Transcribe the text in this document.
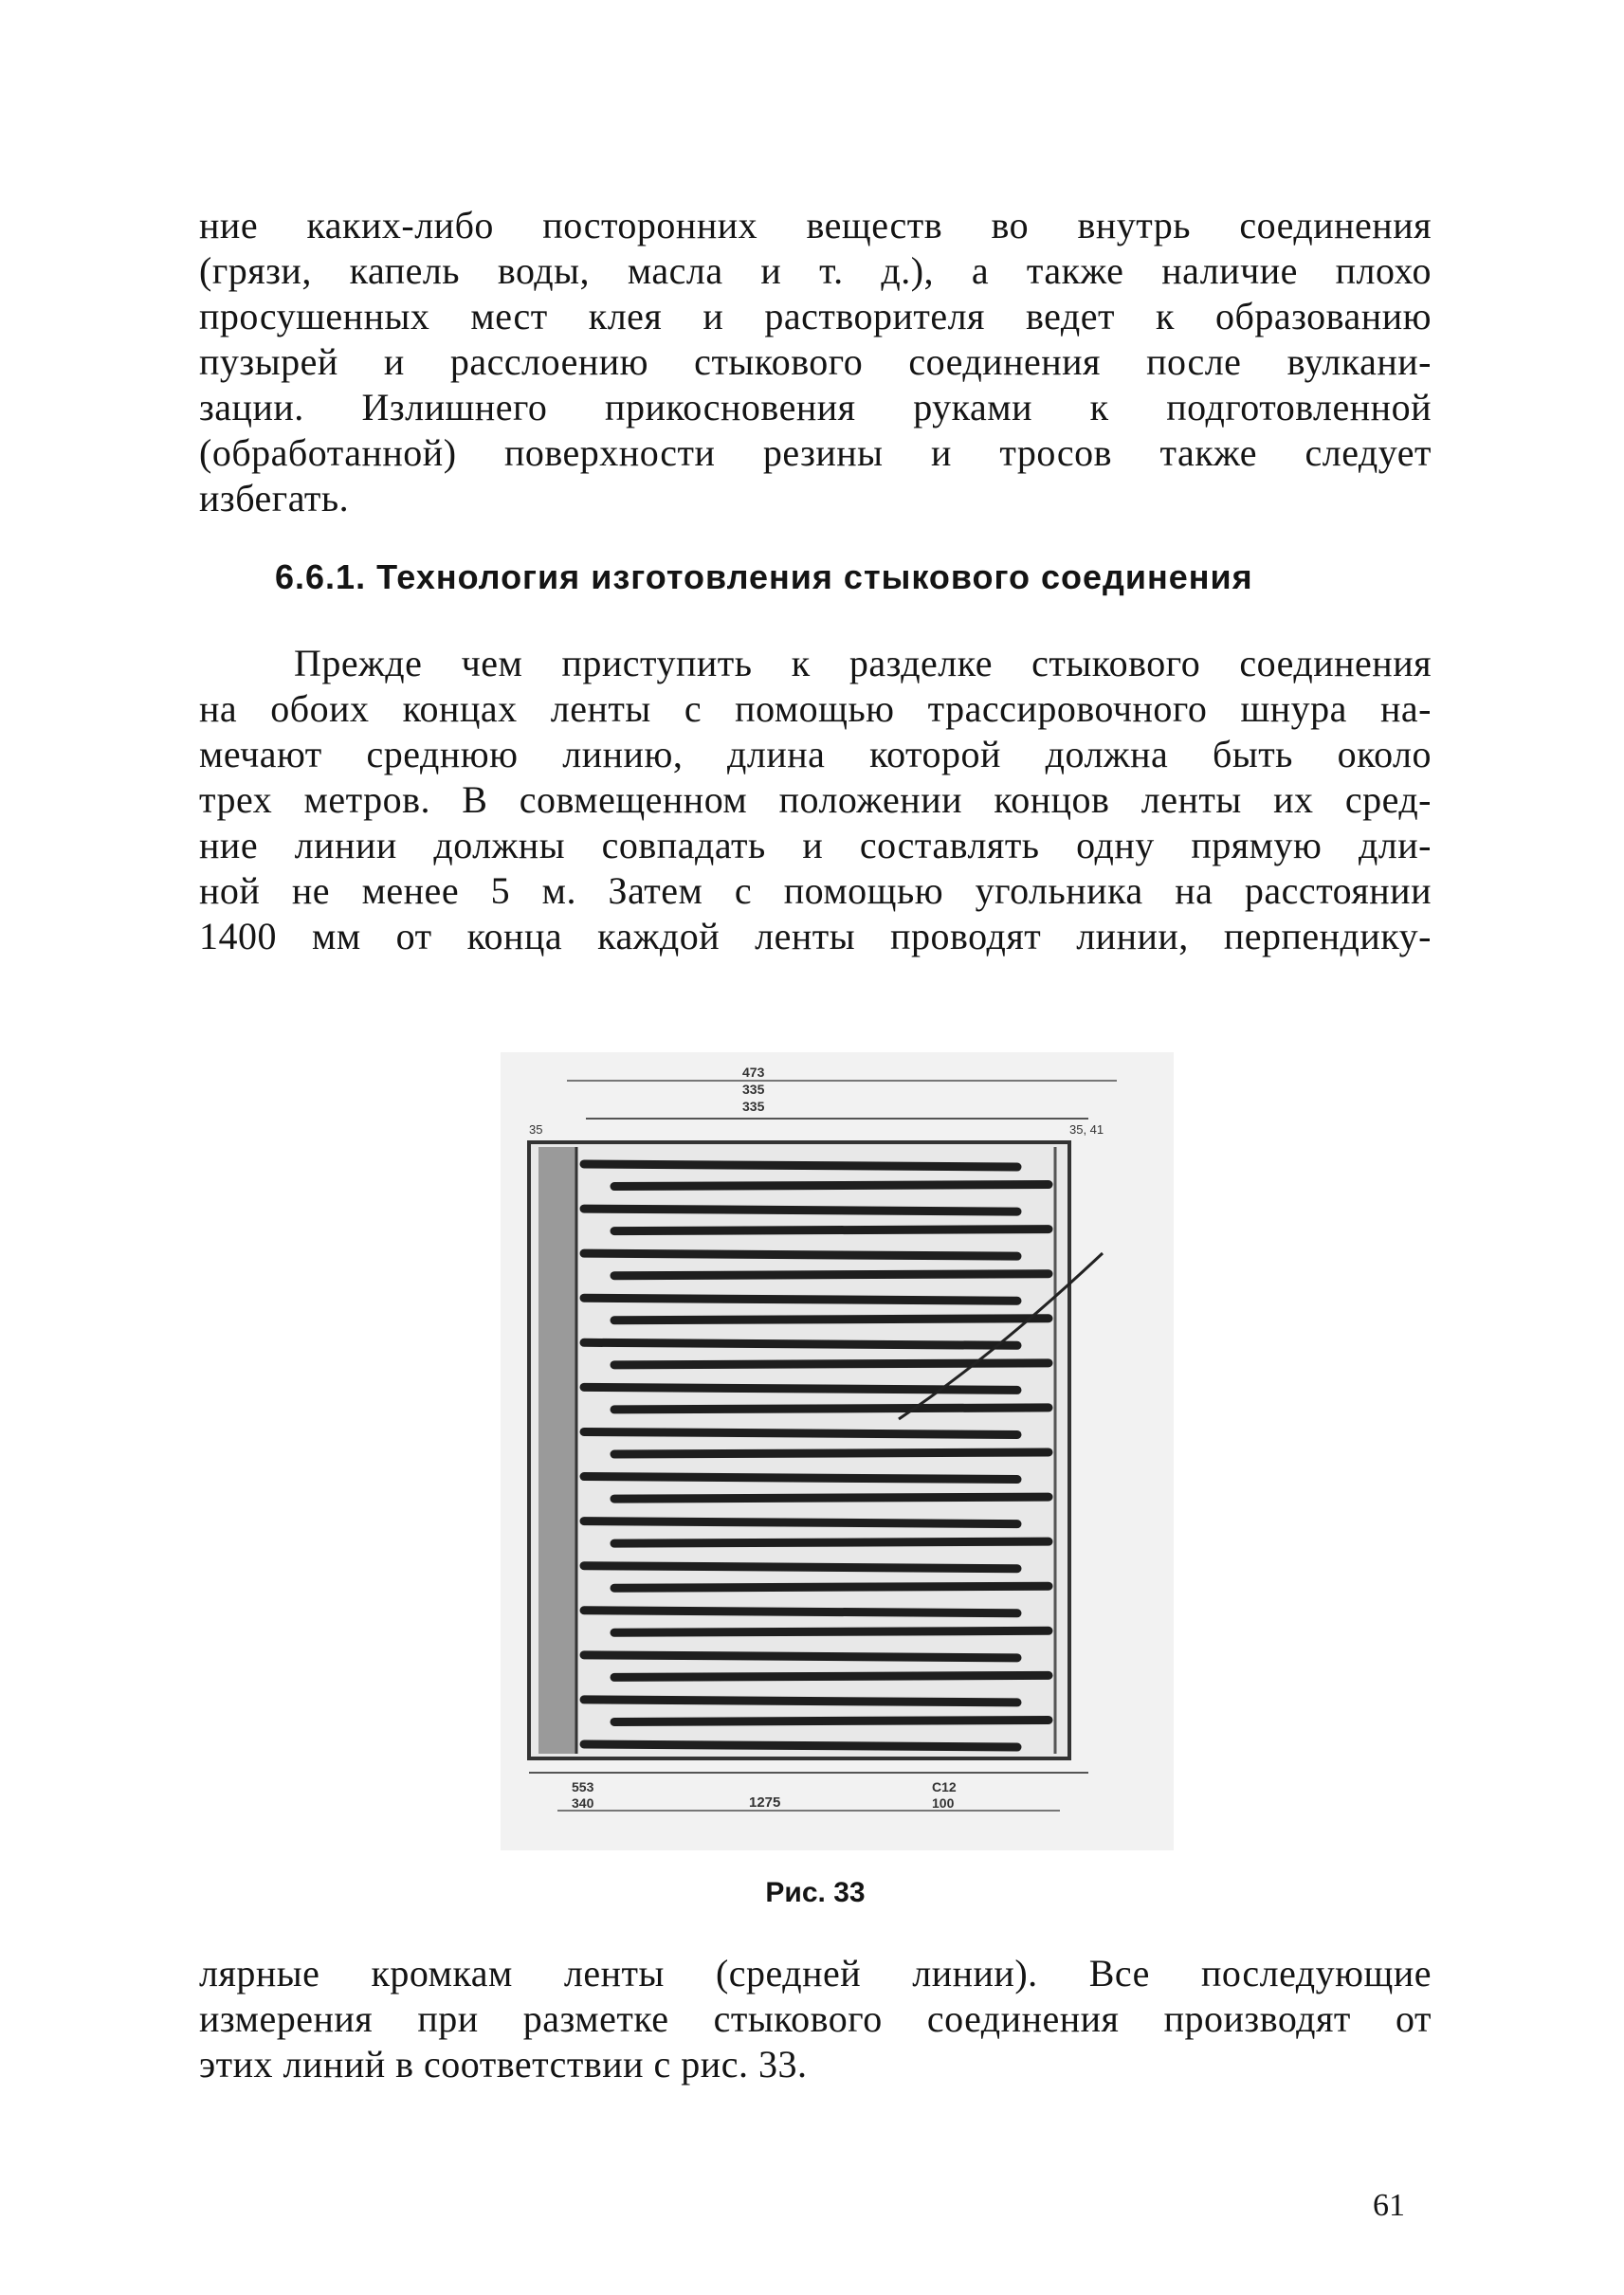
ние каких-либо посторонних веществ во внутрь соединения
(грязи, капель воды, масла и т. д.), а также наличие плохо
просушенных мест клея и растворителя ведет к образованию
пузырей и расслоению стыкового соединения после вулкани-
зации. Излишнего прикосновения руками к подготовленной
(обработанной) поверхности резины и тросов также следует
избегать.
6.6.1. Технология изготовления стыкового соединения
Прежде чем приступить к разделке стыкового соединения
на обоих концах ленты с помощью трассировочного шнура на-
мечают среднюю линию, длина которой должна быть около
трех метров. В совмещенном положении концов ленты их сред-
ние линии должны совпадать и составлять одну прямую дли-
ной не менее 5 м. Затем с помощью угольника на расстоянии
1400 мм от конца каждой ленты проводят линии, перпендику-
473
335
335
35	35, 41
553
340	1275
C12
100

Рис. 33

лярные кромкам ленты (средней линии). Все последующие
измерения при разметке стыкового соединения производят от
этих линий в соответствии с рис. 33.

61
